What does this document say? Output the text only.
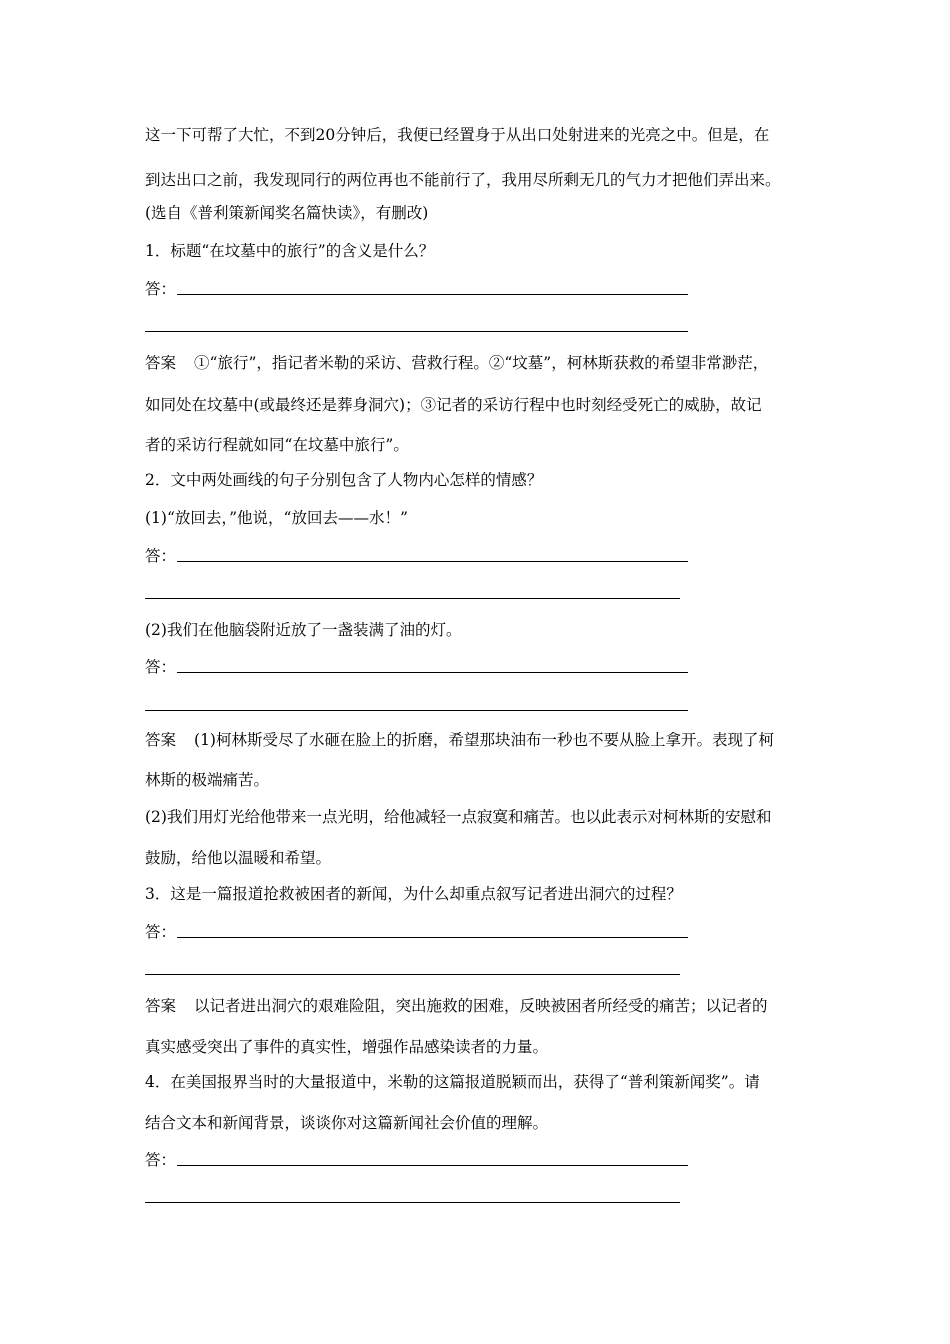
这一下可帮了大忙，不到20分钟后，我便已经置身于从出口处射进来的光亮之中。但是，在
到达出口之前，我发现同行的两位再也不能前行了，我用尽所剩无几的气力才把他们弄出来。
(选自《普利策新闻奖名篇快读》，有删改)
1．标题“在坟墓中的旅行”的含义是什么？
答：
答案 ①“旅行”，指记者米勒的采访、营救行程。②“坟墓”，柯林斯获救的希望非常渺茫，
如同处在坟墓中(或最终还是葬身洞穴)；③记者的采访行程中也时刻经受死亡的威胁，故记
者的采访行程就如同“在坟墓中旅行”。
2．文中两处画线的句子分别包含了人物内心怎样的情感？
(1)“放回去，”他说，“放回去——水！”
答：
(2)我们在他脑袋附近放了一盏装满了油的灯。
答：
答案 (1)柯林斯受尽了水砸在脸上的折磨，希望那块油布一秒也不要从脸上拿开。表现了柯
林斯的极端痛苦。
(2)我们用灯光给他带来一点光明，给他减轻一点寂寞和痛苦。也以此表示对柯林斯的安慰和
鼓励，给他以温暖和希望。
3．这是一篇报道抢救被困者的新闻，为什么却重点叙写记者进出洞穴的过程？
答：
答案 以记者进出洞穴的艰难险阻，突出施救的困难，反映被困者所经受的痛苦；以记者的
真实感受突出了事件的真实性，增强作品感染读者的力量。
4．在美国报界当时的大量报道中，米勒的这篇报道脱颖而出，获得了“普利策新闻奖”。请
结合文本和新闻背景，谈谈你对这篇新闻社会价值的理解。
答：
